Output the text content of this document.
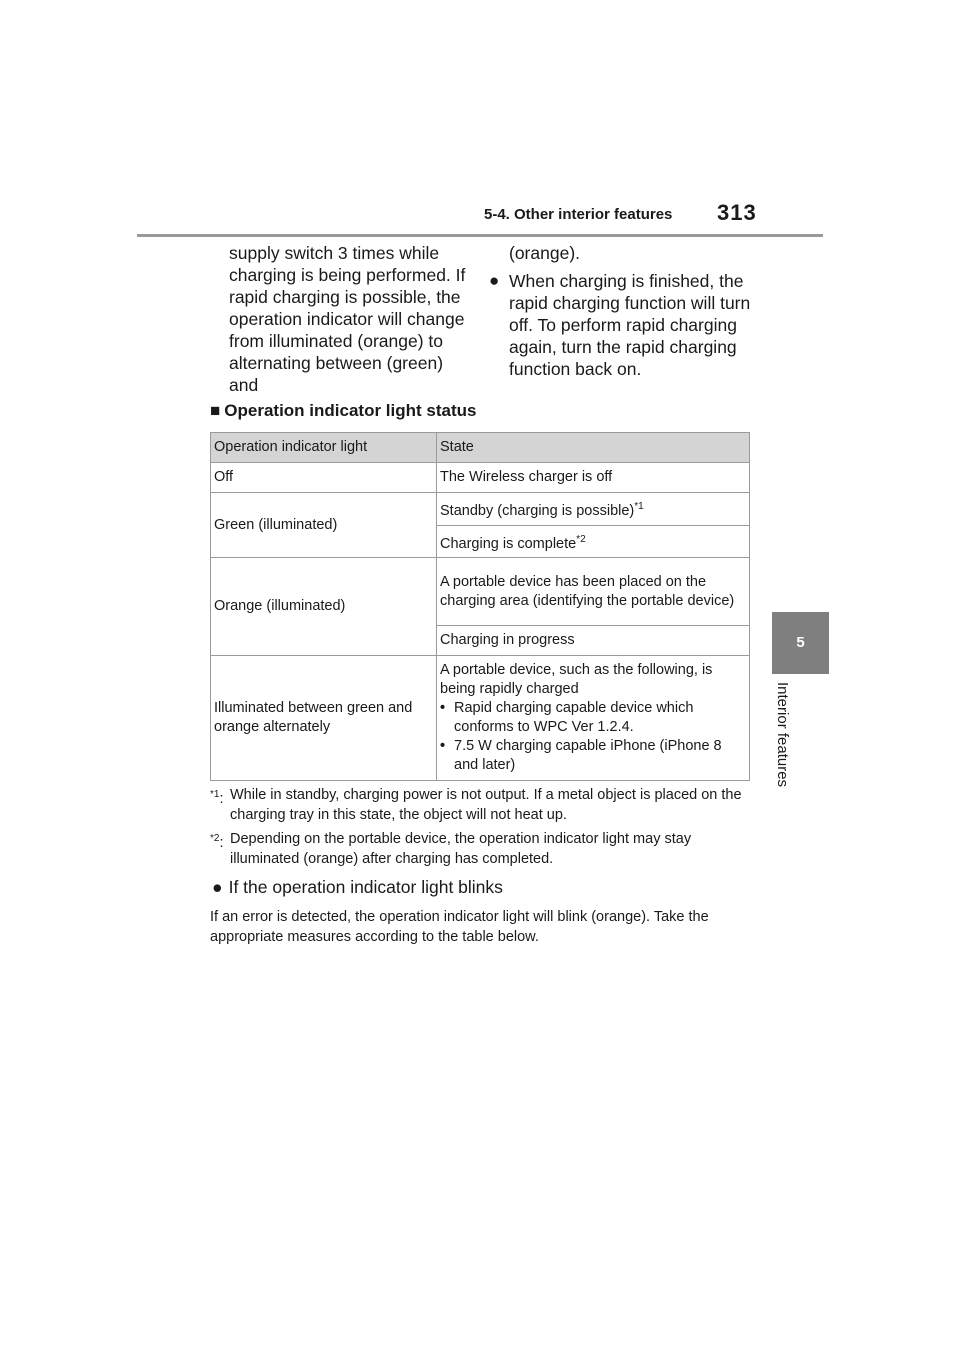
5-4. Other interior features 313
5
Interior features
supply switch 3 times while charging is being performed. If rapid charging is possible, the operation indicator will change from illuminated (orange) to alternating between (green) and
(orange).
● When charging is finished, the rapid charging function will turn off. To perform rapid charging again, turn the rapid charging function back on.
■ Operation indicator light status
Operation indicator light	State
Off	The Wireless charger is off
Green (illuminated)	Standby (charging is possible)$^{*1}$
	Charging is complete$^{*2}$
Orange (illuminated)	A portable device has been placed on the charging area (identifying the portable device)
	Charging in progress
Illuminated between green and orange alternately	A portable device, such as the following, is being rapidly charged
• Rapid charging capable device which conforms to WPC Ver 1.2.4.
• 7.5 W charging capable iPhone (iPhone 8 and later)
$^{*1}$: While in standby, charging power is not output. If a metal object is placed on the charging tray in this state, the object will not heat up.
$^{*2}$: Depending on the portable device, the operation indicator light may stay illuminated (orange) after charging has completed.
● If the operation indicator light blinks
If an error is detected, the operation indicator light will blink (orange). Take the appropriate measures according to the table below.
